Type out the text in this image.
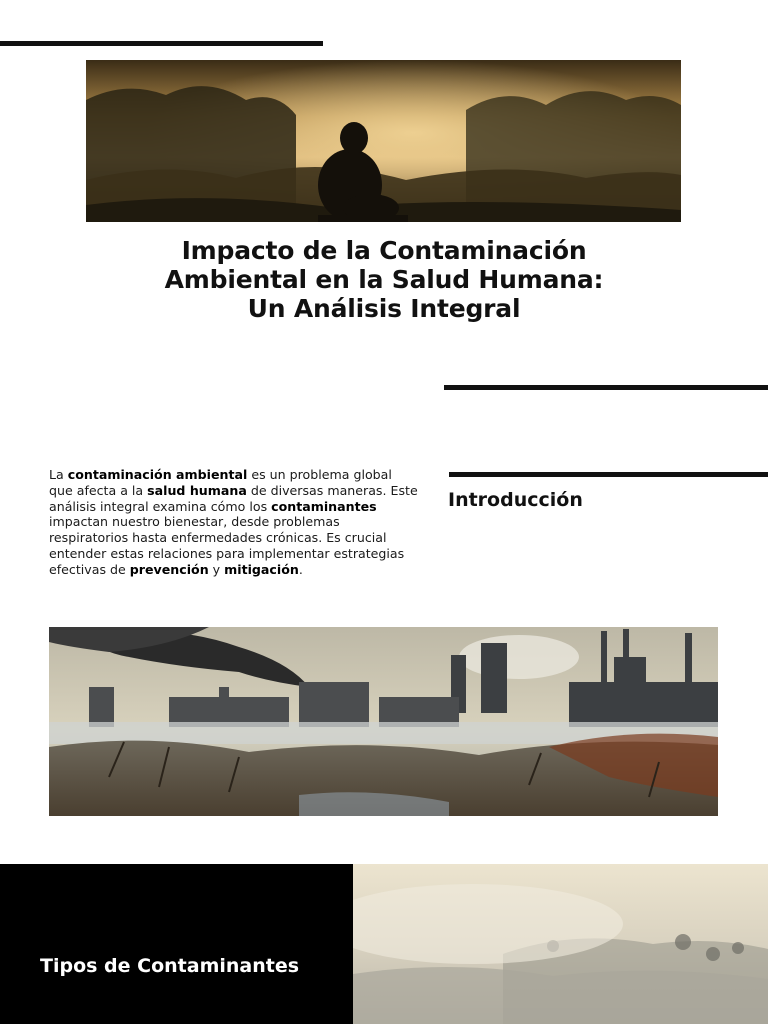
Impacto de la Contaminación Ambiental en la Salud Humana: Un Análisis Integral

La contaminación ambiental es un problema global que afecta a la salud humana de diversas maneras. Este análisis integral examina cómo los contaminantes impactan nuestro bienestar, desde problemas respiratorios hasta enfermedades crónicas. Es crucial entender estas relaciones para implementar estrategias efectivas de prevención y mitigación.

Introducción
Tipos de Contaminantes
